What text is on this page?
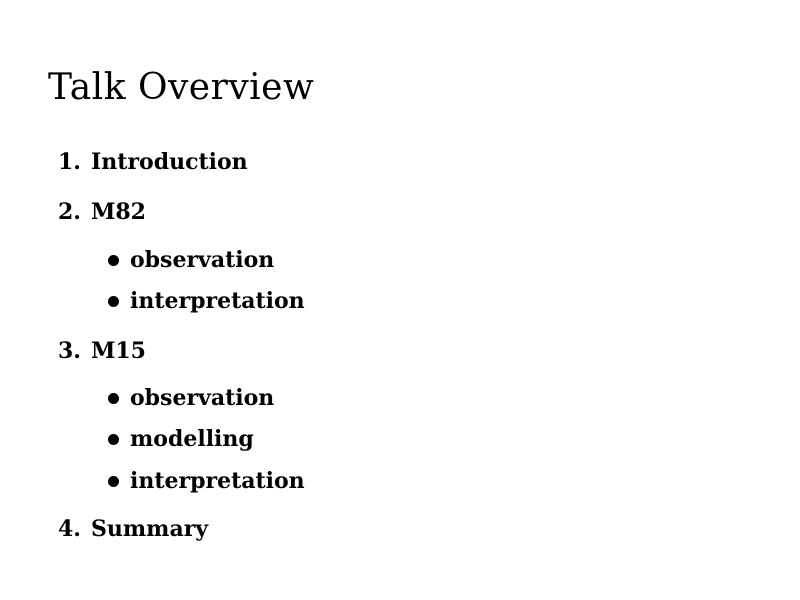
Talk Overview
1. Introduction
2. M82
observation
interpretation
3. M15
observation
modelling
interpretation
4. Summary
